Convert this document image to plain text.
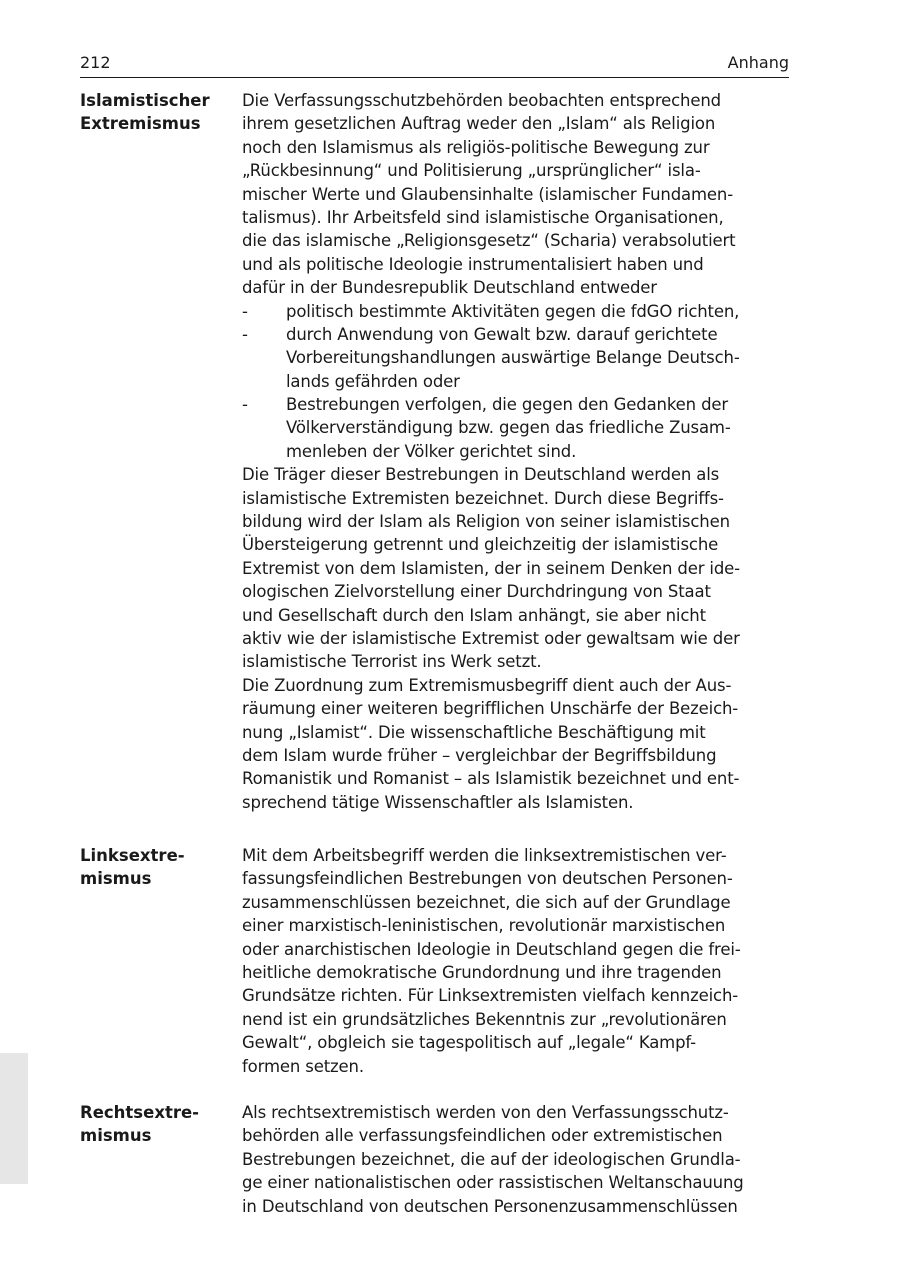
212	Anhang
Islamistischer
Extremismus
Die Verfassungsschutzbehörden beobachten entsprechend
ihrem gesetzlichen Auftrag weder den „Islam“ als Religion
noch den Islamismus als religiös-politische Bewegung zur
„Rückbesinnung“ und Politisierung „ursprünglicher“ isla-
mischer Werte und Glaubensinhalte (islamischer Fundamen-
talismus). Ihr Arbeitsfeld sind islamistische Organisationen,
die das islamische „Religionsgesetz“ (Scharia) verabsolutiert
und als politische Ideologie instrumentalisiert haben und
dafür in der Bundesrepublik Deutschland entweder
- politisch bestimmte Aktivitäten gegen die fdGO richten,
- durch Anwendung von Gewalt bzw. darauf gerichtete
Vorbereitungshandlungen auswärtige Belange Deutsch-
lands gefährden oder
- Bestrebungen verfolgen, die gegen den Gedanken der
Völkerverständigung bzw. gegen das friedliche Zusam-
menleben der Völker gerichtet sind.
Die Träger dieser Bestrebungen in Deutschland werden als
islamistische Extremisten bezeichnet. Durch diese Begriffs-
bildung wird der Islam als Religion von seiner islamistischen
Übersteigerung getrennt und gleichzeitig der islamistische
Extremist von dem Islamisten, der in seinem Denken der ide-
ologischen Zielvorstellung einer Durchdringung von Staat
und Gesellschaft durch den Islam anhängt, sie aber nicht
aktiv wie der islamistische Extremist oder gewaltsam wie der
islamistische Terrorist ins Werk setzt.
Die Zuordnung zum Extremismusbegriff dient auch der Aus-
räumung einer weiteren begrifflichen Unschärfe der Bezeich-
nung „Islamist“. Die wissenschaftliche Beschäftigung mit
dem Islam wurde früher – vergleichbar der Begriffsbildung
Romanistik und Romanist – als Islamistik bezeichnet und ent-
sprechend tätige Wissenschaftler als Islamisten.
Linksextre-
mismus
Mit dem Arbeitsbegriff werden die linksextremistischen ver-
fassungsfeindlichen Bestrebungen von deutschen Personen-
zusammenschlüssen bezeichnet, die sich auf der Grundlage
einer marxistisch-leninistischen, revolutionär marxistischen
oder anarchistischen Ideologie in Deutschland gegen die frei-
heitliche demokratische Grundordnung und ihre tragenden
Grundsätze richten. Für Linksextremisten vielfach kennzeich-
nend ist ein grundsätzliches Bekenntnis zur „revolutionären
Gewalt“, obgleich sie tagespolitisch auf „legale“ Kampf-
formen setzen.
Rechtsextre-
mismus
Als rechtsextremistisch werden von den Verfassungsschutz-
behörden alle verfassungsfeindlichen oder extremistischen
Bestrebungen bezeichnet, die auf der ideologischen Grundla-
ge einer nationalistischen oder rassistischen Weltanschauung
in Deutschland von deutschen Personenzusammenschlüssen
